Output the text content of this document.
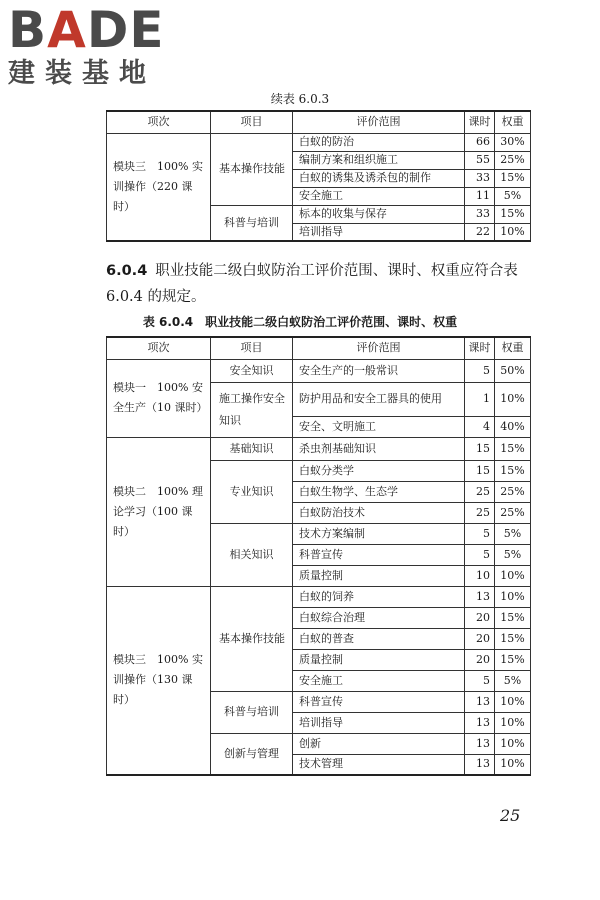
BADE
建装基地
续表 6.0.3
项次	项目	评价范围	课时	权重
模块三　100% 实训操作（220 课时）	基本操作技能	白蚁的防治	66	30%
		编制方案和组织施工	55	25%
		白蚁的诱集及诱杀包的制作	33	15%
		安全施工	11	5%
	科普与培训	标本的收集与保存	33	15%
		培训指导	22	10%
6.0.4 职业技能二级白蚁防治工评价范围、课时、权重应符合表 6.0.4 的规定。
表 6.0.4　职业技能二级白蚁防治工评价范围、课时、权重
项次	项目	评价范围	课时	权重
模块一　100% 安全生产（10 课时）	安全知识	安全生产的一般常识	5	50%
	施工操作安全知识	防护用品和安全工器具的使用	1	10%
		安全、文明施工	4	40%
模块二　100% 理论学习（100 课时）	基础知识	杀虫剂基础知识	15	15%
	专业知识	白蚁分类学	15	15%
		白蚁生物学、生态学	25	25%
		白蚁防治技术	25	25%
	相关知识	技术方案编制	5	5%
		科普宣传	5	5%
		质量控制	10	10%
模块三　100% 实训操作（130 课时）	基本操作技能	白蚁的饲养	13	10%
		白蚁综合治理	20	15%
		白蚁的普查	20	15%
		质量控制	20	15%
		安全施工	5	5%
	科普与培训	科普宣传	13	10%
		培训指导	13	10%
	创新与管理	创新	13	10%
		技术管理	13	10%
25
